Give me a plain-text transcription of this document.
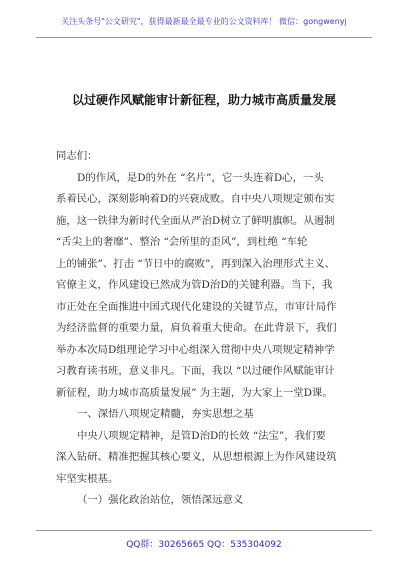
关注头条号"公文研究"，获得最新最全最专业的公文资料库！ 微信：gongwenyj
以过硬作风赋能审计新征程，助力城市高质量发展

同志们：

D的作风，是D的外在 “名片”，它一头连着D心，一头

系着民心，深刻影响着D的兴衰成败。自中央八项规定颁布实

施，这一铁律为新时代全面从严治D树立了鲜明旗帜。从遏制

“舌尖上的奢靡”、整治 “会所里的歪风”，到杜绝 “车轮

上的铺张”、打击 “节日中的腐败”，再到深入治理形式主义、

官僚主义，作风建设已然成为管D治D的关键利器。当下，我

市正处在全面推进中国式现代化建设的关键节点，市审计局作

为经济监督的重要力量，肩负着重大使命。在此背景下，我们

举办本次局D组理论学习中心组深入贯彻中央八项规定精神学

习教育读书班，意义非凡。下面，我以 “以过硬作风赋能审计

新征程，助力城市高质量发展” 为主题，为大家上一堂D课。

一、深悟八项规定精髓，夯实思想之基

中央八项规定精神，是管D治D的长效 “法宝”，我们要

深入钻研、精准把握其核心要义，从思想根源上为作风建设筑

牢坚实根基。

（一）强化政治站位，领悟深远意义

QQ群：30265665 QQ：535304092
